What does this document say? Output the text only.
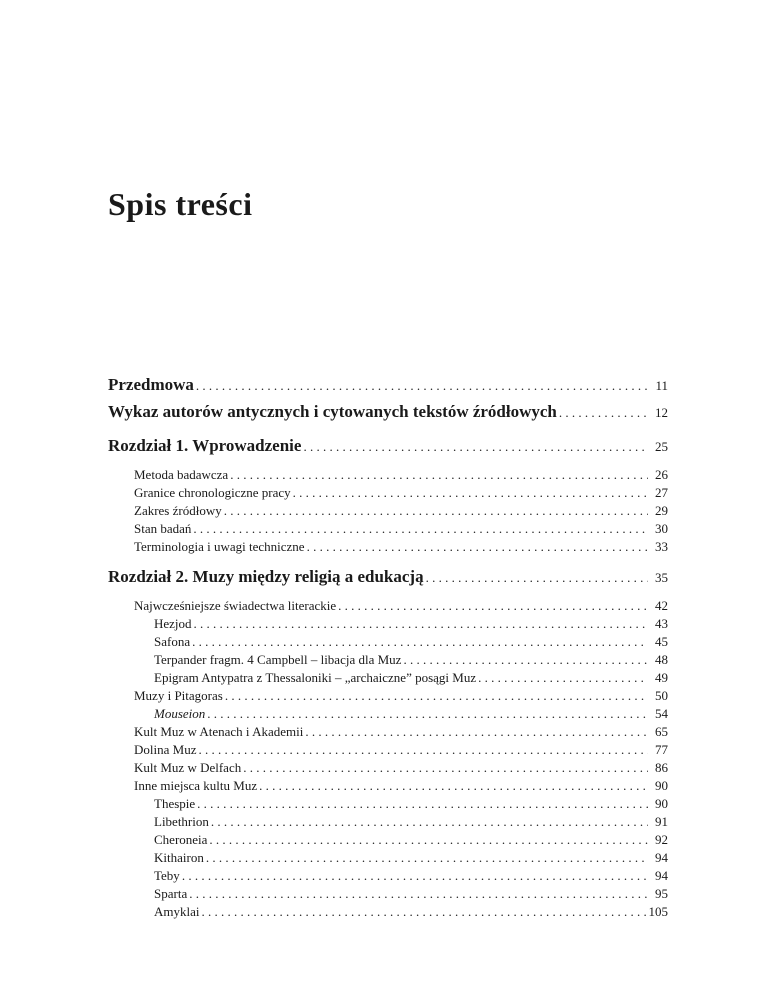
Spis treści
Przedmowa . . .	11
Wykaz autorów antycznych i cytowanych tekstów źródłowych . . .	12
Rozdział 1. Wprowadzenie . . .	25
Metoda badawcza . . .	26
Granice chronologiczne pracy . . .	27
Zakres źródłowy . . .	29
Stan badań . . .	30
Terminologia i uwagi techniczne . . .	33
Rozdział 2. Muzy między religią a edukacją . . .	35
Najwcześniejsze świadectwa literackie . . .	42
Hezjod . . .	43
Safona . . .	45
Terpander fragm. 4 Campbell – libacja dla Muz . . .	48
Epigram Antypatra z Thessaloniki – „archaiczne” posągi Muz . . .	49
Muzy i Pitagoras . . .	50
Mouseion . . .	54
Kult Muz w Atenach i Akademii . . .	65
Dolina Muz . . .	77
Kult Muz w Delfach . . .	86
Inne miejsca kultu Muz . . .	90
Thespie . . .	90
Libethrion . . .	91
Cheroneia . . .	92
Kithairon . . .	94
Teby . . .	94
Sparta . . .	95
Amyklai . . .	105
